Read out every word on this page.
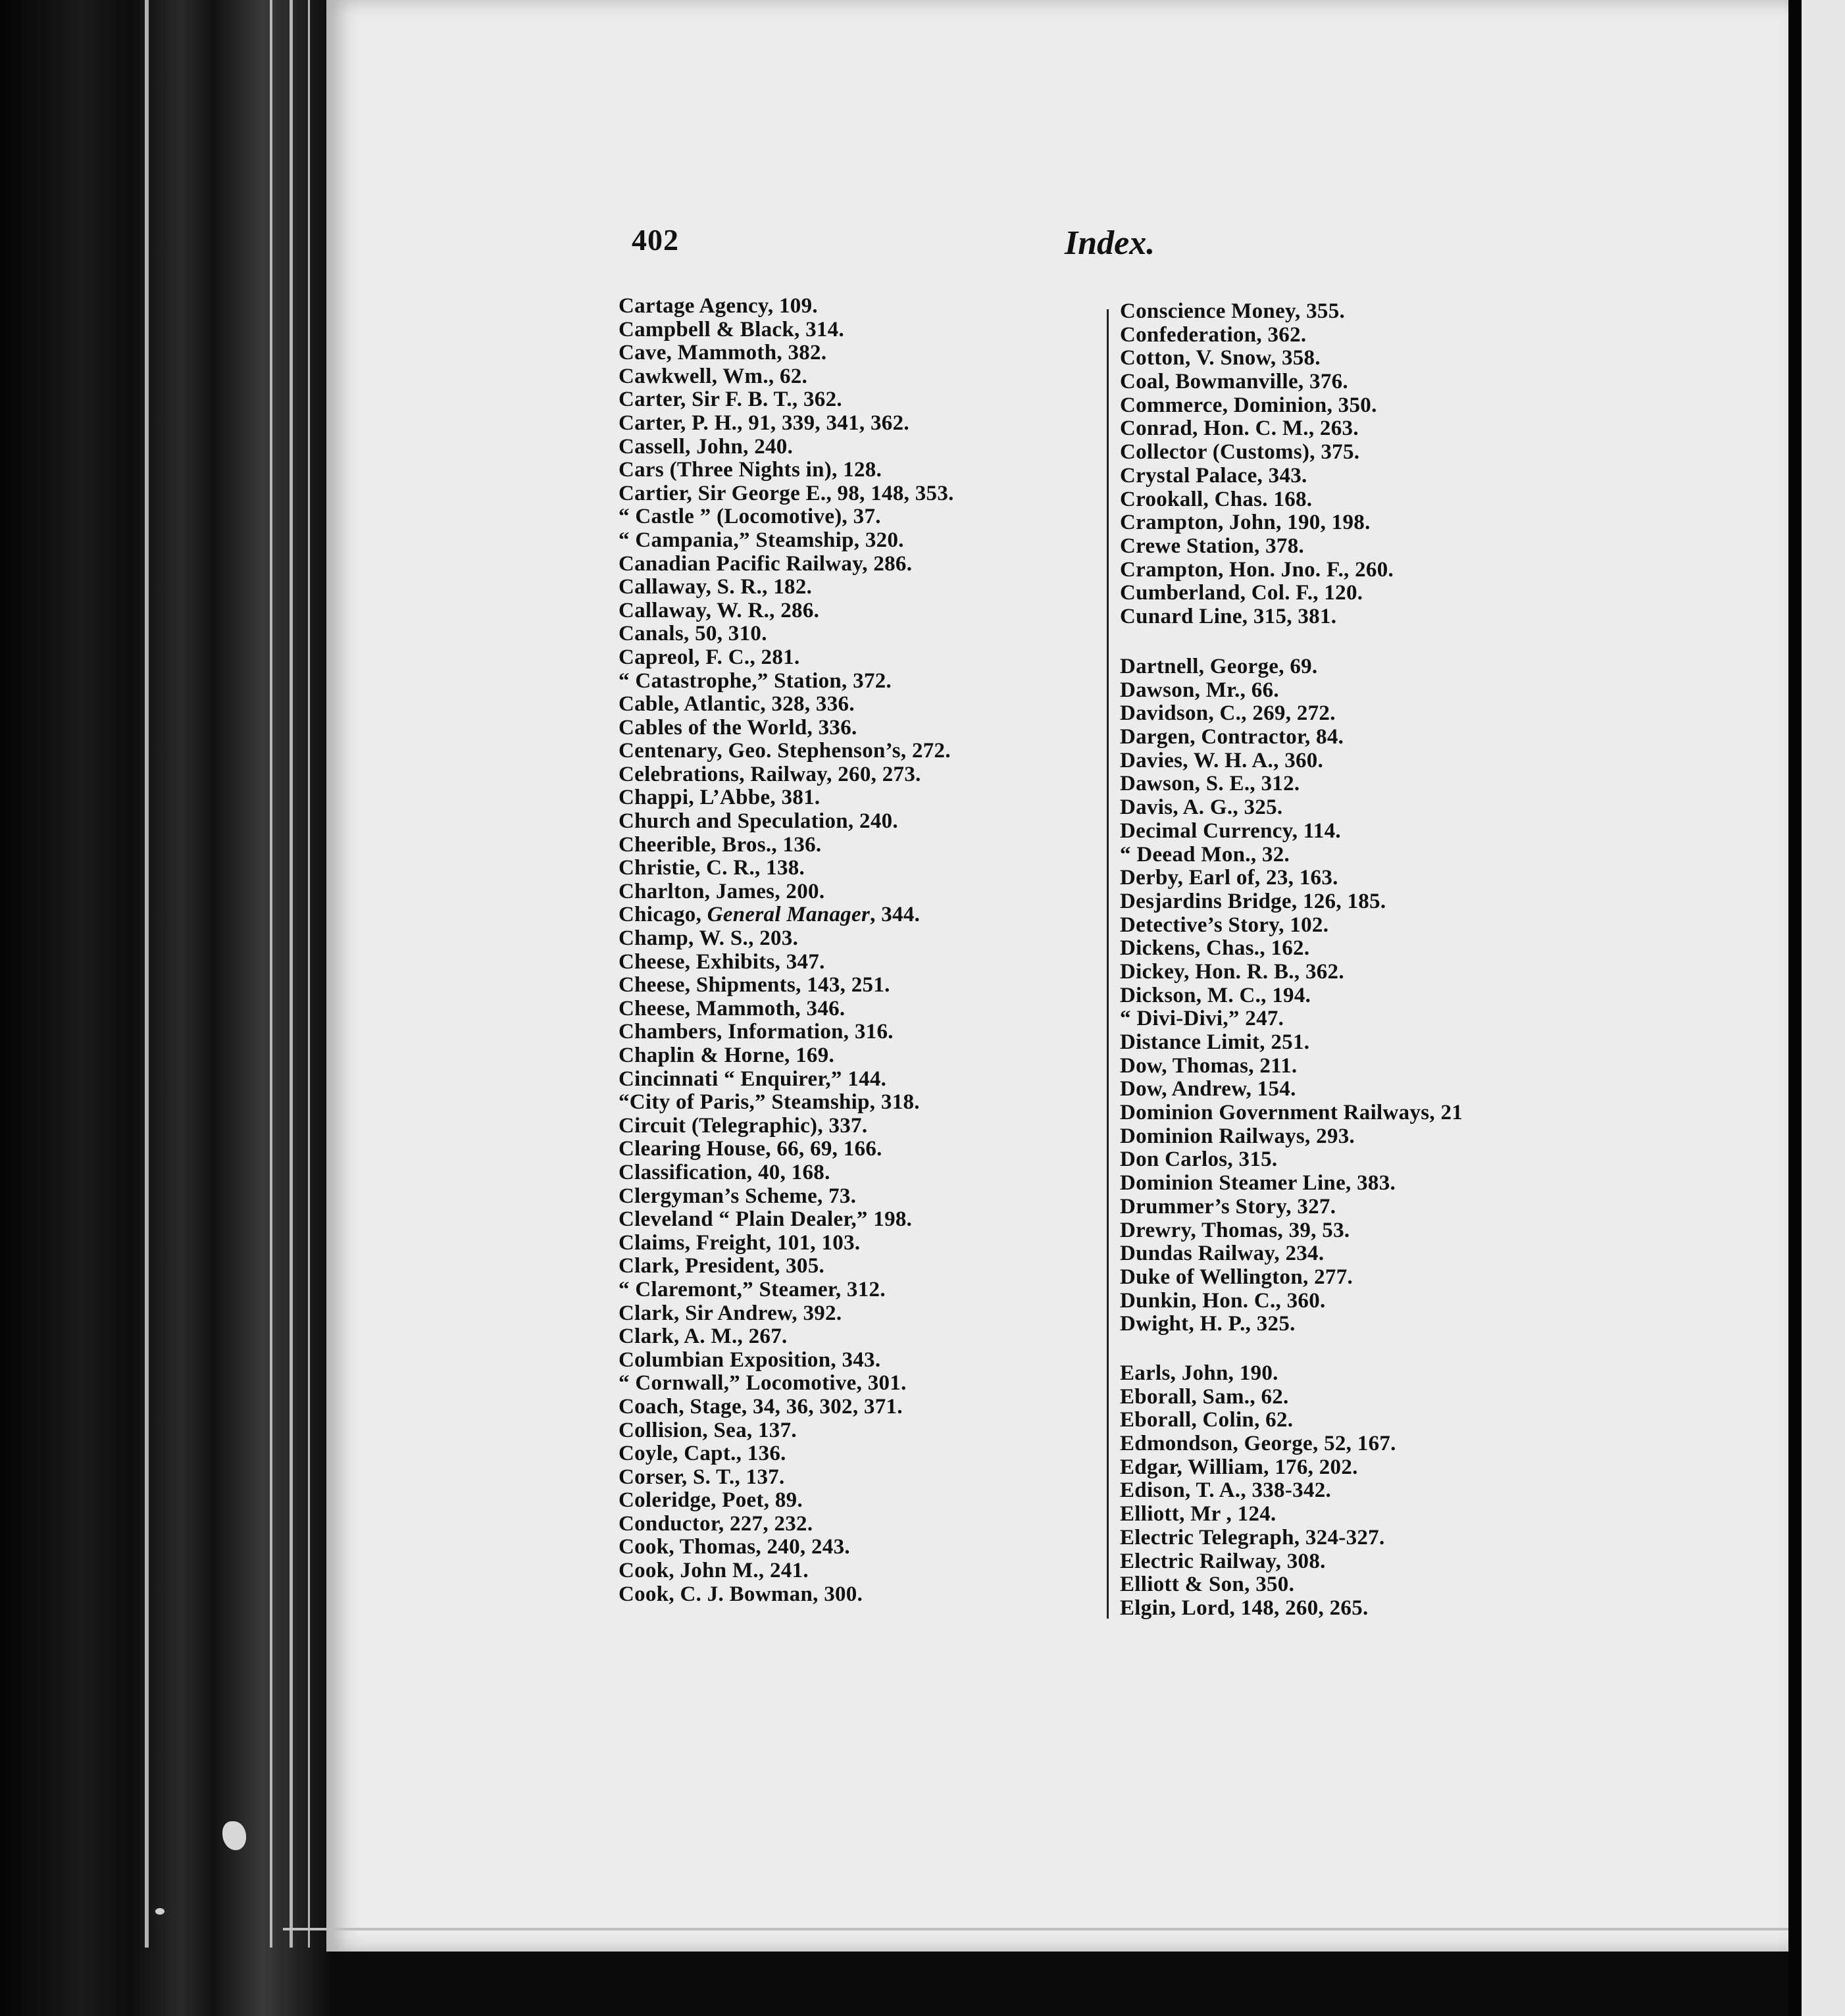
402	Index.
Cartage Agency, 109.
Campbell & Black, 314.
Cave, Mammoth, 382.
Cawkwell, Wm., 62.
Carter, Sir F. B. T., 362.
Carter, P. H., 91, 339, 341, 362.
Cassell, John, 240.
Cars (Three Nights in), 128.
Cartier, Sir George E., 98, 148, 353.
“ Castle ” (Locomotive), 37.
“ Campania,” Steamship, 320.
Canadian Pacific Railway, 286.
Callaway, S. R., 182.
Callaway, W. R., 286.
Canals, 50, 310.
Capreol, F. C., 281.
“ Catastrophe,” Station, 372.
Cable, Atlantic, 328, 336.
Cables of the World, 336.
Centenary, Geo. Stephenson’s, 272.
Celebrations, Railway, 260, 273.
Chappi, L’Abbe, 381.
Church and Speculation, 240.
Cheerible, Bros., 136.
Christie, C. R., 138.
Charlton, James, 200.
Chicago, General Manager, 344.
Champ, W. S., 203.
Cheese, Exhibits, 347.
Cheese, Shipments, 143, 251.
Cheese, Mammoth, 346.
Chambers, Information, 316.
Chaplin & Horne, 169.
Cincinnati “ Enquirer,” 144.
“City of Paris,” Steamship, 318.
Circuit (Telegraphic), 337.
Clearing House, 66, 69, 166.
Classification, 40, 168.
Clergyman’s Scheme, 73.
Cleveland “ Plain Dealer,” 198.
Claims, Freight, 101, 103.
Clark, President, 305.
“ Claremont,” Steamer, 312.
Clark, Sir Andrew, 392.
Clark, A. M., 267.
Columbian Exposition, 343.
“ Cornwall,” Locomotive, 301.
Coach, Stage, 34, 36, 302, 371.
Collision, Sea, 137.
Coyle, Capt., 136.
Corser, S. T., 137.
Coleridge, Poet, 89.
Conductor, 227, 232.
Cook, Thomas, 240, 243.
Cook, John M., 241.
Cook, C. J. Bowman, 300.
Conscience Money, 355.
Confederation, 362.
Cotton, V. Snow, 358.
Coal, Bowmanville, 376.
Commerce, Dominion, 350.
Conrad, Hon. C. M., 263.
Collector (Customs), 375.
Crystal Palace, 343.
Crookall, Chas. 168.
Crampton, John, 190, 198.
Crewe Station, 378.
Crampton, Hon. Jno. F., 260.
Cumberland, Col. F., 120.
Cunard Line, 315, 381.
Dartnell, George, 69.
Dawson, Mr., 66.
Davidson, C., 269, 272.
Dargen, Contractor, 84.
Davies, W. H. A., 360.
Dawson, S. E., 312.
Davis, A. G., 325.
Decimal Currency, 114.
“ Deead Mon., 32.
Derby, Earl of, 23, 163.
Desjardins Bridge, 126, 185.
Detective’s Story, 102.
Dickens, Chas., 162.
Dickey, Hon. R. B., 362.
Dickson, M. C., 194.
“ Divi-Divi,” 247.
Distance Limit, 251.
Dow, Thomas, 211.
Dow, Andrew, 154.
Dominion Government Railways, 21
Dominion Railways, 293.
Don Carlos, 315.
Dominion Steamer Line, 383.
Drummer’s Story, 327.
Drewry, Thomas, 39, 53.
Dundas Railway, 234.
Duke of Wellington, 277.
Dunkin, Hon. C., 360.
Dwight, H. P., 325.
Earls, John, 190.
Eborall, Sam., 62.
Eborall, Colin, 62.
Edmondson, George, 52, 167.
Edgar, William, 176, 202.
Edison, T. A., 338-342.
Elliott, Mr , 124.
Electric Telegraph, 324-327.
Electric Railway, 308.
Elliott & Son, 350.
Elgin, Lord, 148, 260, 265.
